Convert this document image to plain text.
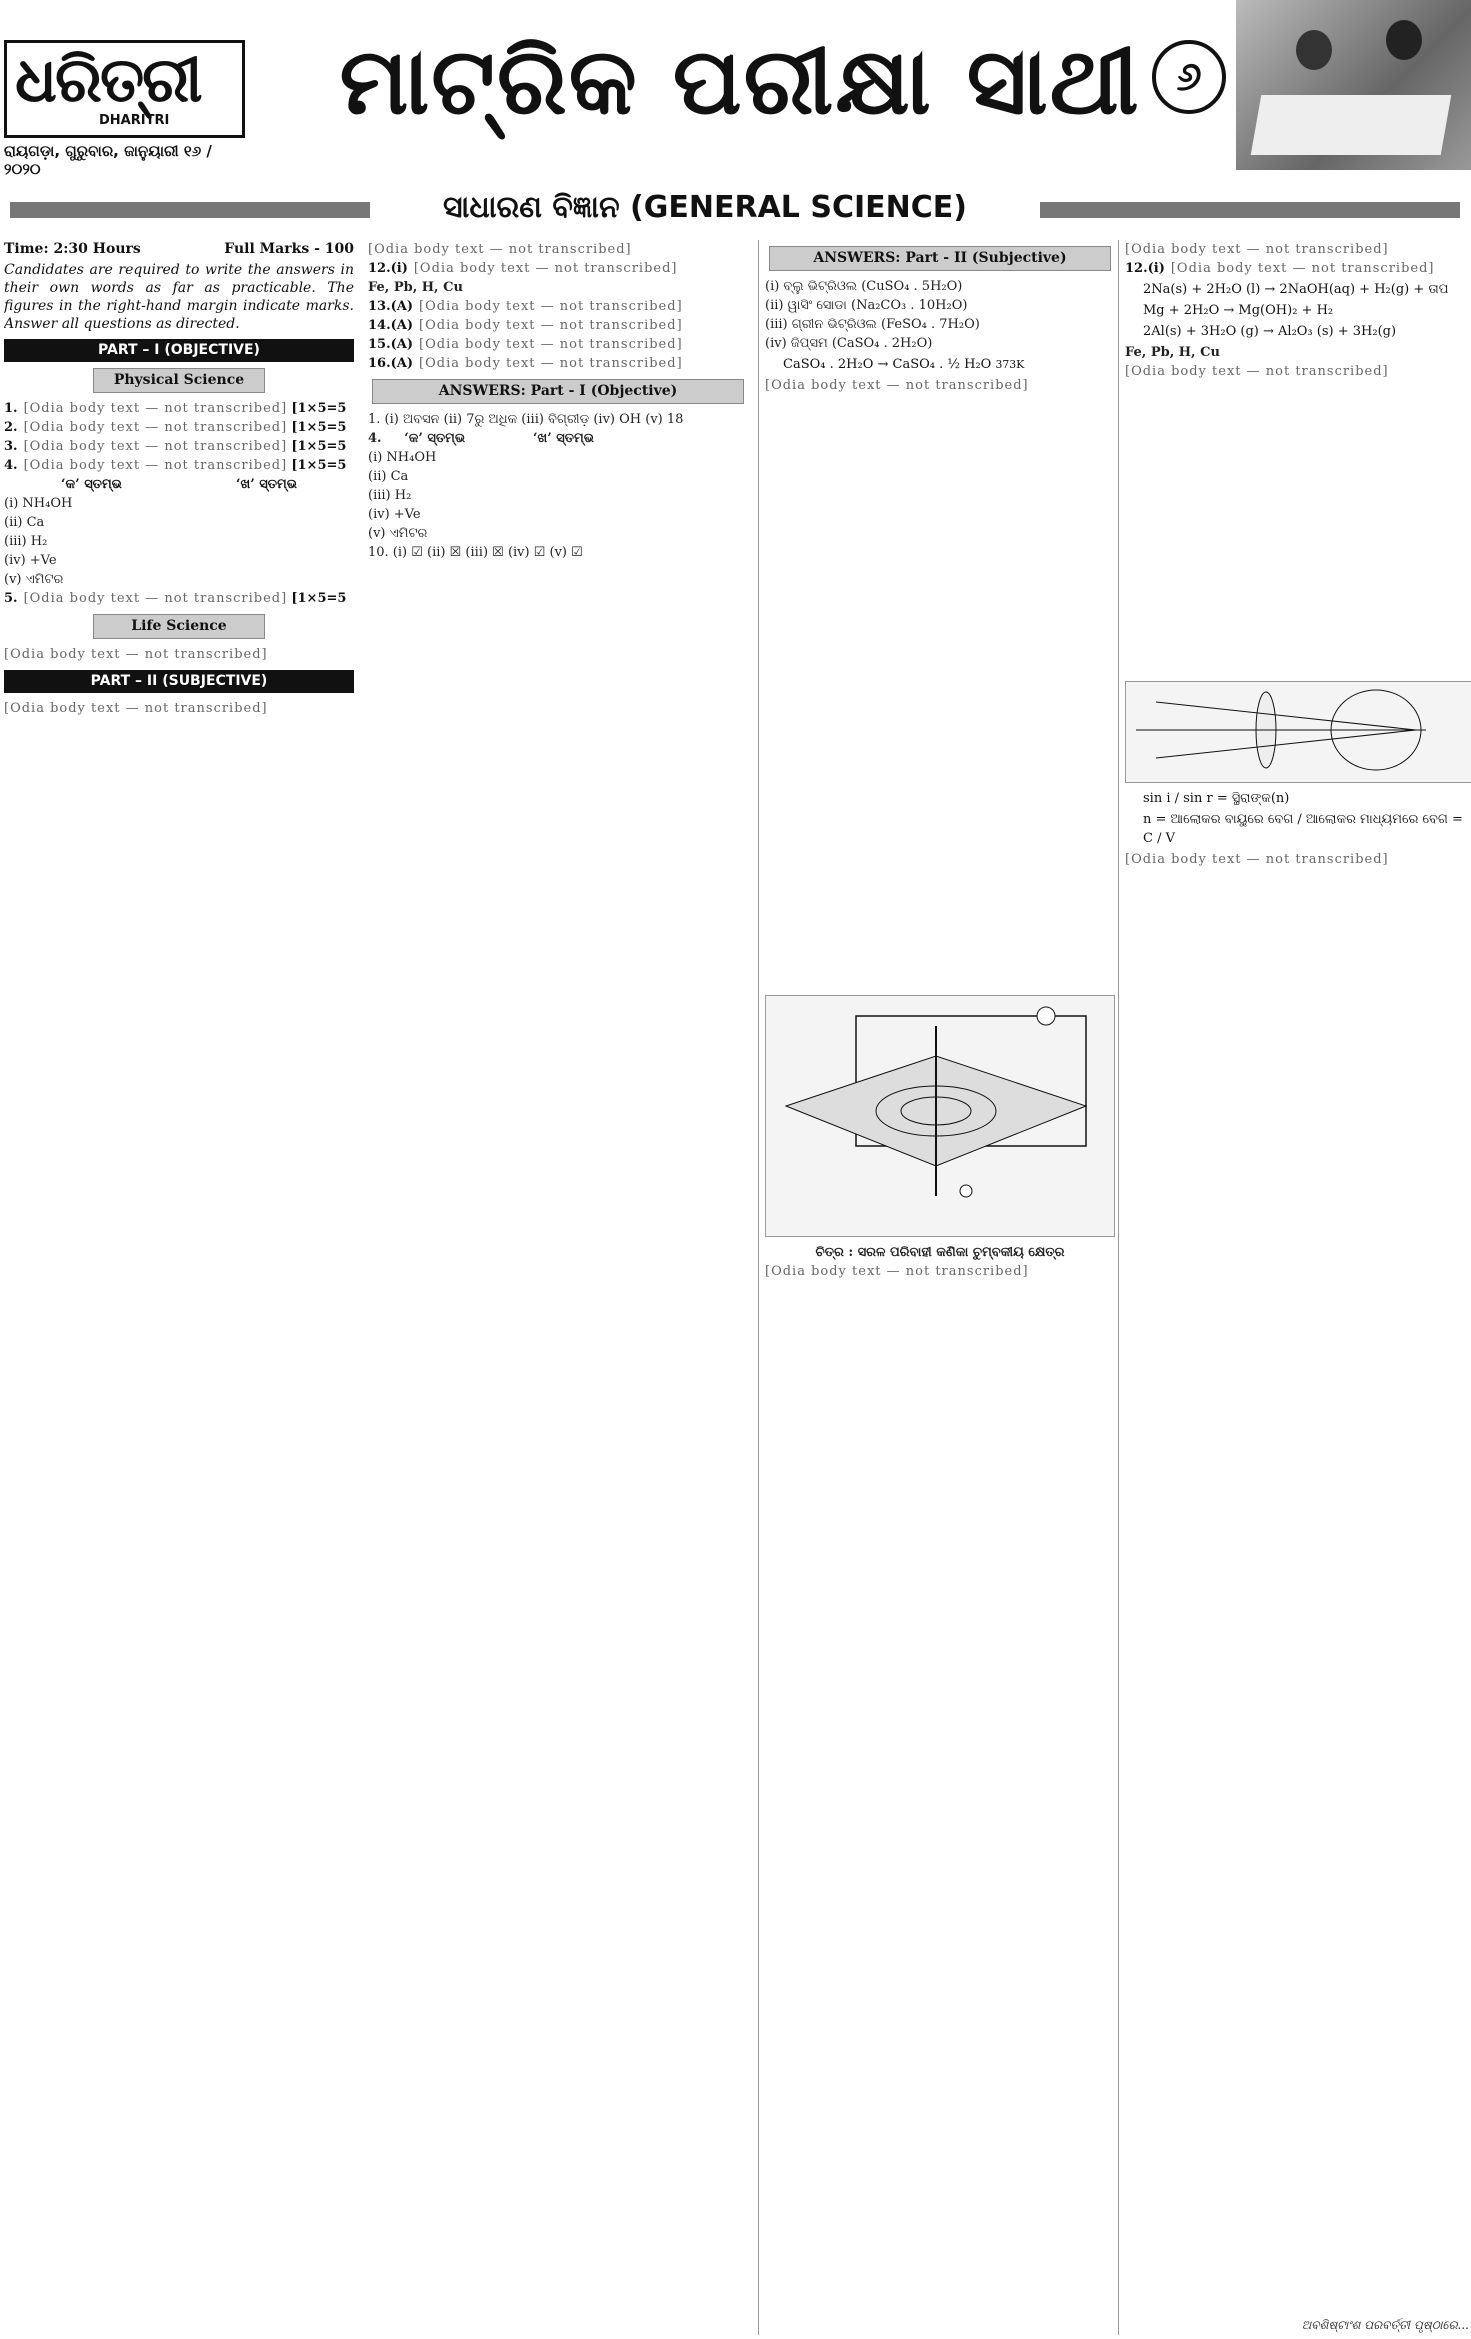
ଧରିତ୍ରୀ
DHARITRI
ରାୟଗଡ଼ା, ଗୁରୁବାର, ଜାନୁୟାରୀ ୧୬ /୨୦୨୦
ମାଟ୍ରିକ ପରୀକ୍ଷା ସାଥୀ ୬
ସାଧାରଣ ବିଜ୍ଞାନ (GENERAL SCIENCE)
Time: 2:30 Hours	Full Marks - 100
Candidates are required to write the answers in their own words as far as practicable. The figures in the right-hand margin indicate marks. Answer all questions as directed.
PART – I (OBJECTIVE)
Physical Science
1. [Odia body text — not transcribed] [1×5=5
2. [Odia body text — not transcribed] [1×5=5
3. [Odia body text — not transcribed] [1×5=5
4. [Odia body text — not transcribed] [1×5=5
‘କ’ ସ୍ତମ୍ଭ	‘ଖ’ ସ୍ତମ୍ଭ
(i) NH₄OH
(ii) Ca
(iii) H₂
(iv) +Ve
(v) ଏମିଟର
5. [Odia body text — not transcribed] [1×5=5
Life Science
[Odia body text — not transcribed]
PART – II (SUBJECTIVE)
[Odia body text — not transcribed]
[Odia body text — not transcribed]
12.(i) [Odia body text — not transcribed]
Fe, Pb, H, Cu
13.(A) [Odia body text — not transcribed]
14.(A) [Odia body text — not transcribed]
15.(A) [Odia body text — not transcribed]
16.(A) [Odia body text — not transcribed]
ANSWERS: Part - I (Objective)
1. (i) ଅବସନ (ii) 7ରୁ ଅଧିକ (iii) ବିଗ୍ରୀଡ଼ (iv) OH (v) 18
4.     ‘କ’ ସ୍ତମ୍ଭ               ‘ଖ’ ସ୍ତମ୍ଭ
(i) NH₄OH
(ii) Ca
(iii) H₂
(iv) +Ve
(v) ଏମିଟର
10. (i) ☑ (ii) ☒ (iii) ☒ (iv) ☑ (v) ☑
ANSWERS: Part - II (Subjective)
(i) ବ୍ଲୁ ଭିଟ୍ରିଓଲ (CuSO₄ . 5H₂O)
(ii) ୱାସିଂ ସୋଡା (Na₂CO₃ . 10H₂O)
(iii) ଗ୍ରୀନ ଭିଟ୍ରିଓଲ (FeSO₄ . 7H₂O)
(iv) ଜିପ୍ସମ (CaSO₄ . 2H₂O)
CaSO₄ . 2H₂O → CaSO₄ . ½ H₂O 373K
[Odia body text — not transcribed]
ଚିତ୍ର : ସରଳ ପରିବାହୀ କଣିକା ଚୁମ୍ବକୀୟ କ୍ଷେତ୍ର
[Odia body text — not transcribed]
[Odia body text — not transcribed]
12.(i) [Odia body text — not transcribed]
2Na(s) + 2H₂O (l) → 2NaOH(aq) + H₂(g) + ତାପ
Mg + 2H₂O → Mg(OH)₂ + H₂
2Al(s) + 3H₂O (g) → Al₂O₃ (s) + 3H₂(g)
Fe, Pb, H, Cu
[Odia body text — not transcribed]
sin i / sin r = ସ୍ଥିରାଙ୍କ(n)
n = ଆଲୋକର ବାୟୁରେ ବେଗ / ଆଲୋକର ମାଧ୍ୟମରେ ବେଗ = C / V
[Odia body text — not transcribed]
ଅବଶିଷ୍ଟାଂଶ ପରବର୍ତ୍ତୀ ପୃଷ୍ଠାରେ...
